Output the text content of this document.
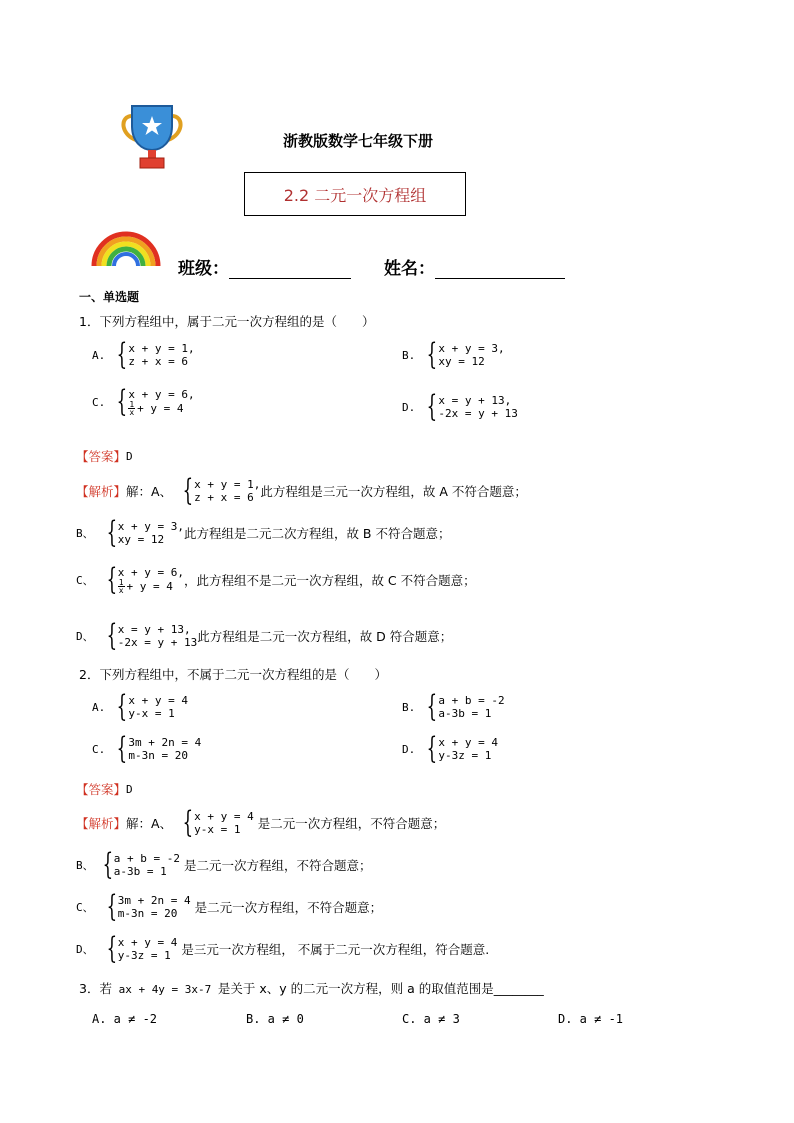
浙教版数学七年级下册
2.2 二元一次方程组
班级：	姓名：
一、单选题
1．下列方程组中，属于二元一次方程组的是（　　）
A. { x + y = 1,
z + x = 6	B. { x + y = 3,
xy = 12
C. { x + y = 6,
$\frac{1}{x} + y = 4$	D. { x = y + 13,
-2x = y + 13
【答案】 D
【解析】 解：A、 { x + y = 1,
z + x = 6 此方程组是三元一次方程组，故 A 不符合题意；
B、 { x + y = 3,
xy = 12	此方程组是二元二次方程组，故 B 不符合题意；
C、 { x + y = 6,
$\frac{1}{x} + y = 4$ ，此方程组不是二元一次方程组，故 C 不符合题意；
D、 { x = y + 13,
-2x = y + 13 此方程组是二元一次方程组，故 D 符合题意；
2．下列方程组中，不属于二元一次方程组的是（　　）
A. { x + y = 4
y-x = 1	B. { a + b = -2
a-3b = 1
C. { 3m + 2n = 4
m-3n = 20	D. { x + y = 4
y-3z = 1
【答案】 D
【解析】 解：A、 { x + y = 4
y-x = 1	是二元一次方程组，不符合题意；
B、 { a + b = -2
a-3b = 1	是二元一次方程组，不符合题意；
C、 { 3m + 2n = 4
m-3n = 20	是二元一次方程组，不符合题意；
D、 { x + y = 4
y-3z = 1 是三元一次方程组， 不属于二元一次方程组，符合题意.
3．若 ax + 4y = 3x-7 是关于 x、y 的二元一次方程，则 a 的取值范围是________
A. a ≠ -2	B. a ≠ 0	C. a ≠ 3	D. a ≠ -1
